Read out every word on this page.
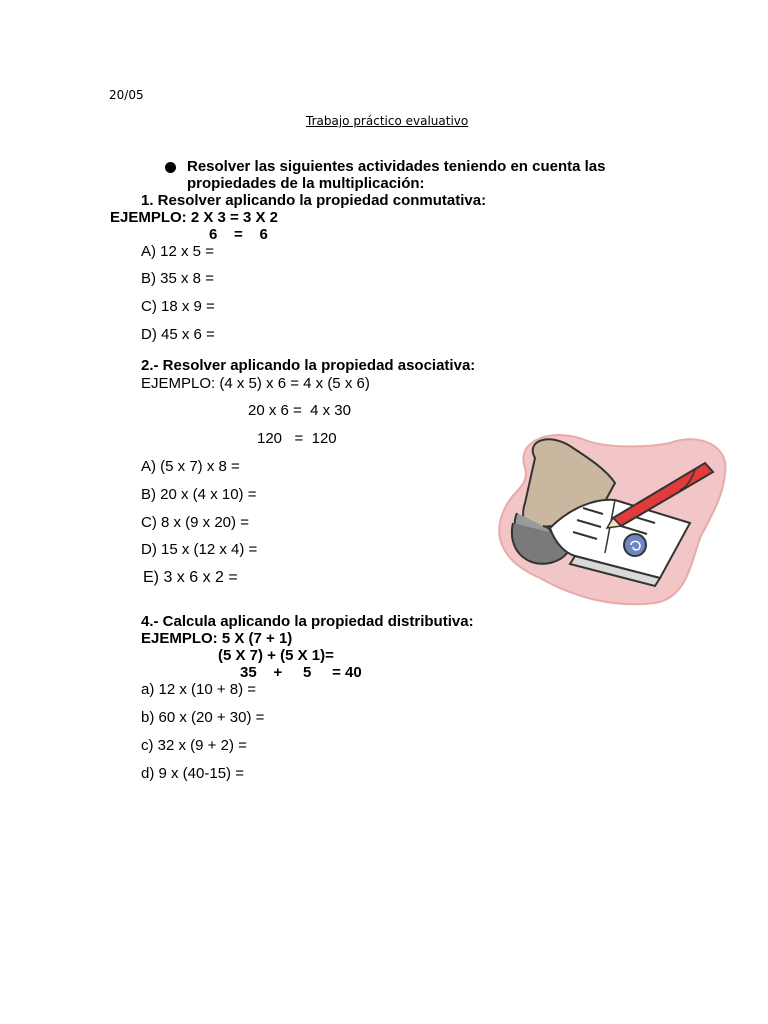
20/05
Trabajo práctico evaluativo
Resolver las siguientes actividades teniendo en cuenta las
propiedades de la multiplicación:
1. Resolver aplicando la propiedad conmutativa:
EJEMPLO: 2 X 3 = 3 X 2
6    =    6
A) 12 x 5 =
B) 35 x 8 =
C) 18 x 9 =
D) 45 x 6 =
2.- Resolver aplicando la propiedad asociativa:
EJEMPLO: (4 x 5) x 6 = 4 x (5 x 6)
20 x 6 =  4 x 30
120   =  120
A) (5 x 7) x 8 =
B) 20 x (4 x 10) =
C) 8 x (9 x 20) =
D) 15 x (12 x 4) =
E) 3 x 6 x 2 =
4.- Calcula aplicando la propiedad distributiva:
EJEMPLO: 5 X (7 + 1)
(5 X 7) + (5 X 1)=
35    +     5     = 40
a) 12 x (10 + 8) =
b) 60 x (20 + 30) =
c) 32 x (9 + 2) =
d) 9 x (40-15) =
